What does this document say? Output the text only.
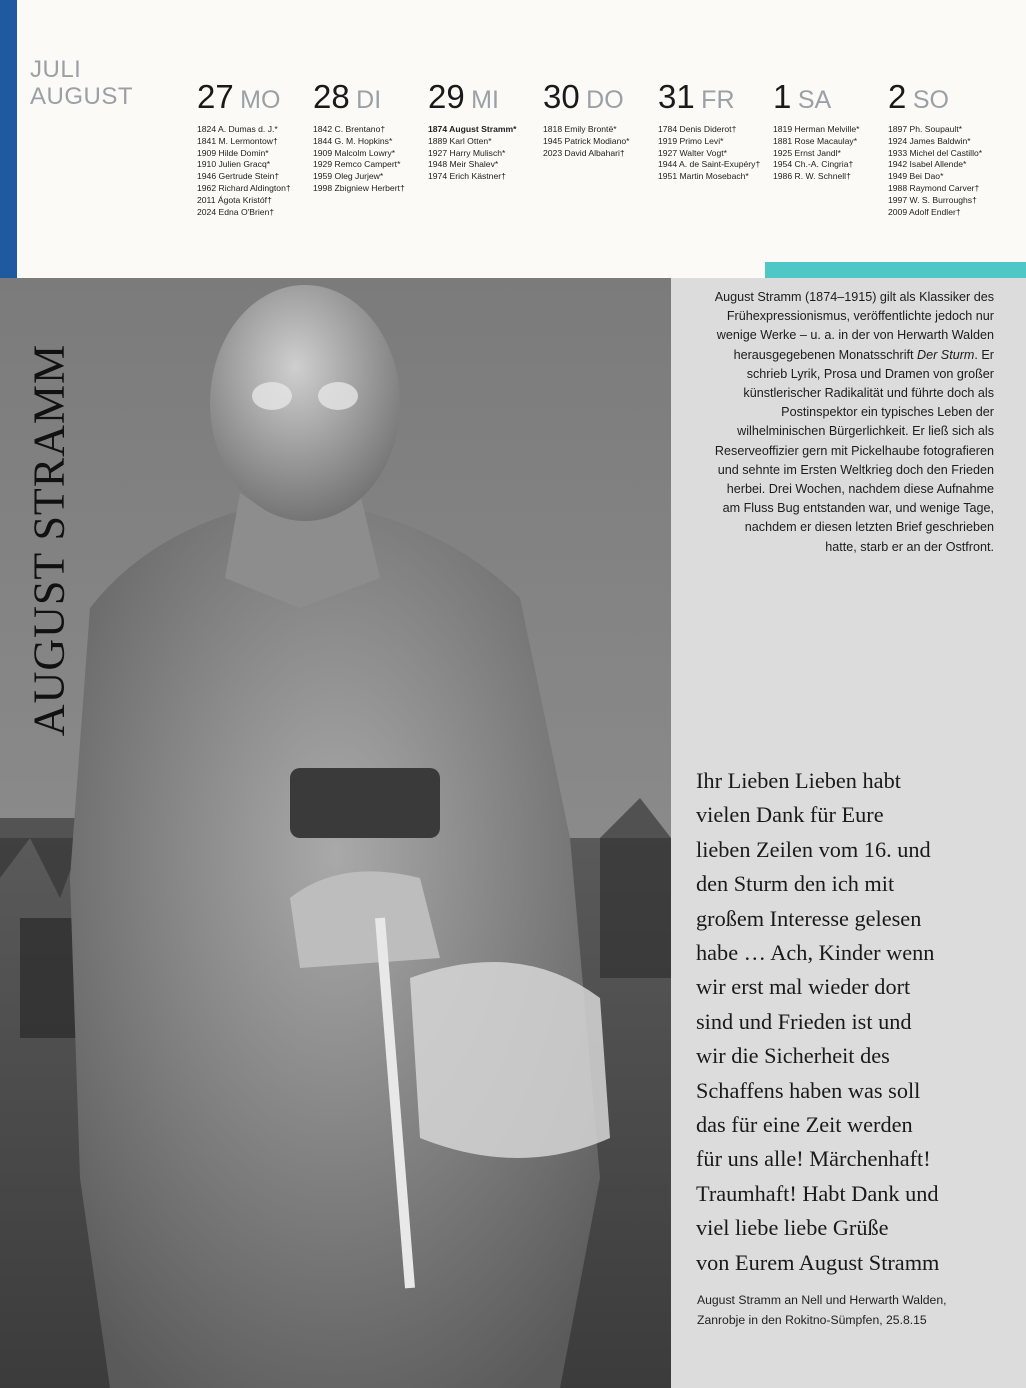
JULI
AUGUST 27 MO
1824 A. Dumas d. J.*
1841 M. Lermontow†
1909 Hilde Domin*
1910 Julien Gracq*
1946 Gertrude Stein†
1962 Richard Aldington†
2011 Ágota Kristóf†
2024 Edna O'Brien†
28 DI
1842 C. Brentano†
1844 G. M. Hopkins*
1909 Malcolm Lowry*
1929 Remco Campert*
1959 Oleg Jurjew*
1998 Zbigniew Herbert†
29 MI
1874 August Stramm*
1889 Karl Otten*
1927 Harry Mulisch*
1948 Meir Shalev*
1974 Erich Kästner†
30 DO
1818 Emily Brontë*
1945 Patrick Modiano*
2023 David Albahari†
31 FR
1784 Denis Diderot†
1919 Primo Levi*
1927 Walter Vogt*
1944 A. de Saint-Exupéry†
1951 Martin Mosebach*
1 SA
1819 Herman Melville*
1881 Rose Macaulay*
1925 Ernst Jandl*
1954 Ch.-A. Cingria†
1986 R. W. Schnell†
2 SO
1897 Ph. Soupault*
1924 James Baldwin*
1933 Michel del Castillo*
1942 Isabel Allende*
1949 Bei Dao*
1988 Raymond Carver†
1997 W. S. Burroughs†
2009 Adolf Endler†
AUGUST STRAMM
August Stramm (1874–1915) gilt als Klassiker des Frühexpressionismus, veröffentlichte jedoch nur wenige Werke – u. a. in der von Herwarth Walden herausgegebenen Monatsschrift Der Sturm. Er schrieb Lyrik, Prosa und Dramen von großer künstlerischer Radikalität und führte doch als Postinspektor ein typisches Leben der wilhelminischen Bürgerlichkeit. Er ließ sich als Reserveoffizier gern mit Pickelhaube fotografieren und sehnte im Ersten Weltkrieg doch den Frieden herbei. Drei Wochen, nachdem diese Aufnahme am Fluss Bug entstanden war, und wenige Tage, nachdem er diesen letzten Brief geschrieben hatte, starb er an der Ostfront.
Ihr Lieben Lieben habt
vielen Dank für Eure
lieben Zeilen vom 16. und
den Sturm den ich mit
großem Interesse gelesen
habe … Ach, Kinder wenn
wir erst mal wieder dort
sind und Frieden ist und
wir die Sicherheit des
Schaffens haben was soll
das für eine Zeit werden
für uns alle! Märchenhaft!
Traumhaft! Habt Dank und
viel liebe liebe Grüße
von Eurem August Stramm
August Stramm an Nell und Herwarth Walden, Zanrobje in den Rokitno-Sümpfen, 25.8.15
